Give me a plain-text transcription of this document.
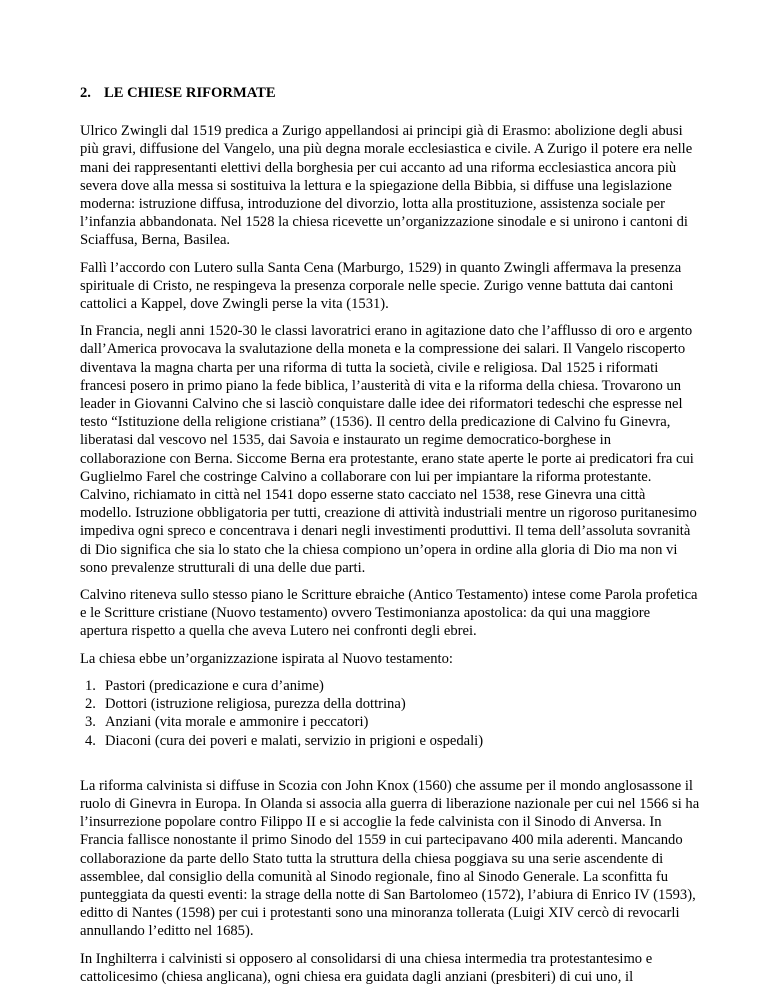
2. LE CHIESE RIFORMATE

Ulrico Zwingli dal 1519 predica a Zurigo appellandosi ai principi già di Erasmo: abolizione degli abusi più gravi, diffusione del Vangelo, una più degna morale ecclesiastica e civile. A Zurigo il potere era nelle mani dei rappresentanti elettivi della borghesia per cui accanto ad una riforma ecclesiastica ancora più severa dove alla messa si sostituiva la lettura e la spiegazione della Bibbia, si diffuse una legislazione moderna: istruzione diffusa, introduzione del divorzio, lotta alla prostituzione, assistenza sociale per l’infanzia abbandonata. Nel 1528 la chiesa ricevette un’organizzazione sinodale e si unirono i cantoni di Sciaffusa, Berna, Basilea.

Fallì l’accordo con Lutero sulla Santa Cena (Marburgo, 1529) in quanto Zwingli affermava la presenza spirituale di Cristo, ne respingeva la presenza corporale nelle specie. Zurigo venne battuta dai cantoni cattolici a Kappel, dove Zwingli perse la vita (1531).

In Francia, negli anni 1520-30 le classi lavoratrici erano in agitazione dato che l’afflusso di oro e argento dall’America provocava la svalutazione della moneta e la compressione dei salari. Il Vangelo riscoperto diventava la magna charta per una riforma di tutta la società, civile e religiosa. Dal 1525 i riformati francesi posero in primo piano la fede biblica, l’austerità di vita e la riforma della chiesa. Trovarono un leader in Giovanni Calvino che si lasciò conquistare dalle idee dei riformatori tedeschi che espresse nel testo “Istituzione della religione cristiana” (1536). Il centro della predicazione di Calvino fu Ginevra, liberatasi dal vescovo nel 1535, dai Savoia e instaurato un regime democratico-borghese in collaborazione con Berna. Siccome Berna era protestante, erano state aperte le porte ai predicatori fra cui Guglielmo Farel che costringe Calvino a collaborare con lui per impiantare la riforma protestante. Calvino, richiamato in città nel 1541 dopo esserne stato cacciato nel 1538, rese Ginevra una città modello. Istruzione obbligatoria per tutti, creazione di attività industriali mentre un rigoroso puritanesimo impediva ogni spreco e concentrava i denari negli investimenti produttivi. Il tema dell’assoluta sovranità di Dio significa che sia lo stato che la chiesa compiono un’opera in ordine alla gloria di Dio ma non vi sono prevalenze strutturali di una delle due parti.

Calvino riteneva sullo stesso piano le Scritture ebraiche (Antico Testamento) intese come Parola profetica e le Scritture cristiane (Nuovo testamento) ovvero Testimonianza apostolica: da qui una maggiore apertura rispetto a quella che aveva Lutero nei confronti degli ebrei.

La chiesa ebbe un’organizzazione ispirata al Nuovo testamento:

1. Pastori (predicazione e cura d’anime)
2. Dottori (istruzione religiosa, purezza della dottrina)
3. Anziani (vita morale e ammonire i peccatori)
4. Diaconi (cura dei poveri e malati, servizio in prigioni e ospedali)

La riforma calvinista si diffuse in Scozia con John Knox (1560) che assume per il mondo anglosassone il ruolo di Ginevra in Europa. In Olanda si associa alla guerra di liberazione nazionale per cui nel 1566 si ha l’insurrezione popolare contro Filippo II e si accoglie la fede calvinista con il Sinodo di Anversa. In Francia fallisce nonostante il primo Sinodo del 1559 in cui partecipavano 400 mila aderenti. Mancando collaborazione da parte dello Stato tutta la struttura della chiesa poggiava su una serie ascendente di assemblee, dal consiglio della comunità al Sinodo regionale, fino al Sinodo Generale. La sconfitta fu punteggiata da questi eventi: la strage della notte di San Bartolomeo (1572), l’abiura di Enrico IV (1593), editto di Nantes (1598) per cui i protestanti sono una minoranza tollerata (Luigi XIV cercò di revocarli annullando l’editto nel 1685).

In Inghilterra i calvinisti si opposero al consolidarsi di una chiesa intermedia tra protestantesimo e cattolicesimo (chiesa anglicana), ogni chiesa era guidata dagli anziani (presbiteri) di cui uno, il
